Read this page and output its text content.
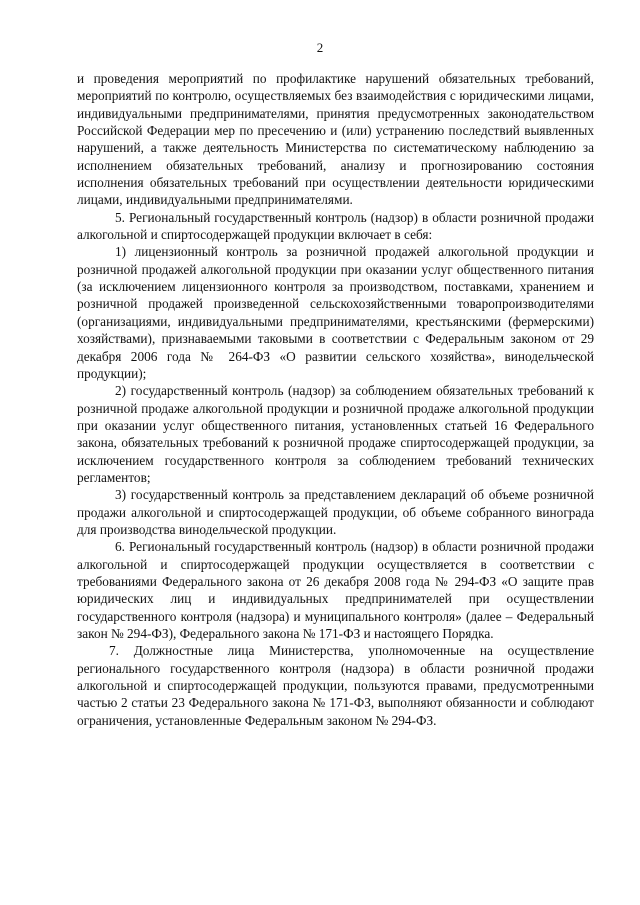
2

и проведения мероприятий по профилактике нарушений обязательных требований, мероприятий по контролю, осуществляемых без взаимодействия с юридическими лицами, индивидуальными предпринимателями, принятия предусмотренных законодательством Российской Федерации мер по пресечению и (или) устранению последствий выявленных нарушений, а также деятельность Министерства по систематическому наблюдению за исполнением обязательных требований, анализу и прогнозированию состояния исполнения обязательных требований при осуществлении деятельности юридическими лицами, индивидуальными предпринимателями.

5. Региональный государственный контроль (надзор) в области розничной продажи алкогольной и спиртосодержащей продукции включает в себя:

1) лицензионный контроль за розничной продажей алкогольной продукции и розничной продажей алкогольной продукции при оказании услуг общественного питания (за исключением лицензионного контроля за производством, поставками, хранением и розничной продажей произведенной сельскохозяйственными товаропроизводителями (организациями, индивидуальными предпринимателями, крестьянскими (фермерскими) хозяйствами), признаваемыми таковыми в соответствии с Федеральным законом от 29 декабря 2006 года № 264-ФЗ «О развитии сельского хозяйства», винодельческой продукции);

2) государственный контроль (надзор) за соблюдением обязательных требований к розничной продаже алкогольной продукции и розничной продаже алкогольной продукции при оказании услуг общественного питания, установленных статьей 16 Федерального закона, обязательных требований к розничной продаже спиртосодержащей продукции, за исключением государственного контроля за соблюдением требований технических регламентов;

3) государственный контроль за представлением деклараций об объеме розничной продажи алкогольной и спиртосодержащей продукции, об объеме собранного винограда для производства винодельческой продукции.

6. Региональный государственный контроль (надзор) в области розничной продажи алкогольной и спиртосодержащей продукции осуществляется в соответствии с требованиями Федерального закона от 26 декабря 2008 года № 294-ФЗ «О защите прав юридических лиц и индивидуальных предпринимателей при осуществлении государственного контроля (надзора) и муниципального контроля» (далее – Федеральный закон № 294-ФЗ), Федерального закона № 171-ФЗ и настоящего Порядка.

7. Должностные лица Министерства, уполномоченные на осуществление регионального государственного контроля (надзора) в области розничной продажи алкогольной и спиртосодержащей продукции, пользуются правами, предусмотренными частью 2 статьи 23 Федерального закона № 171-ФЗ, выполняют обязанности и соблюдают ограничения, установленные Федеральным законом № 294-ФЗ.
